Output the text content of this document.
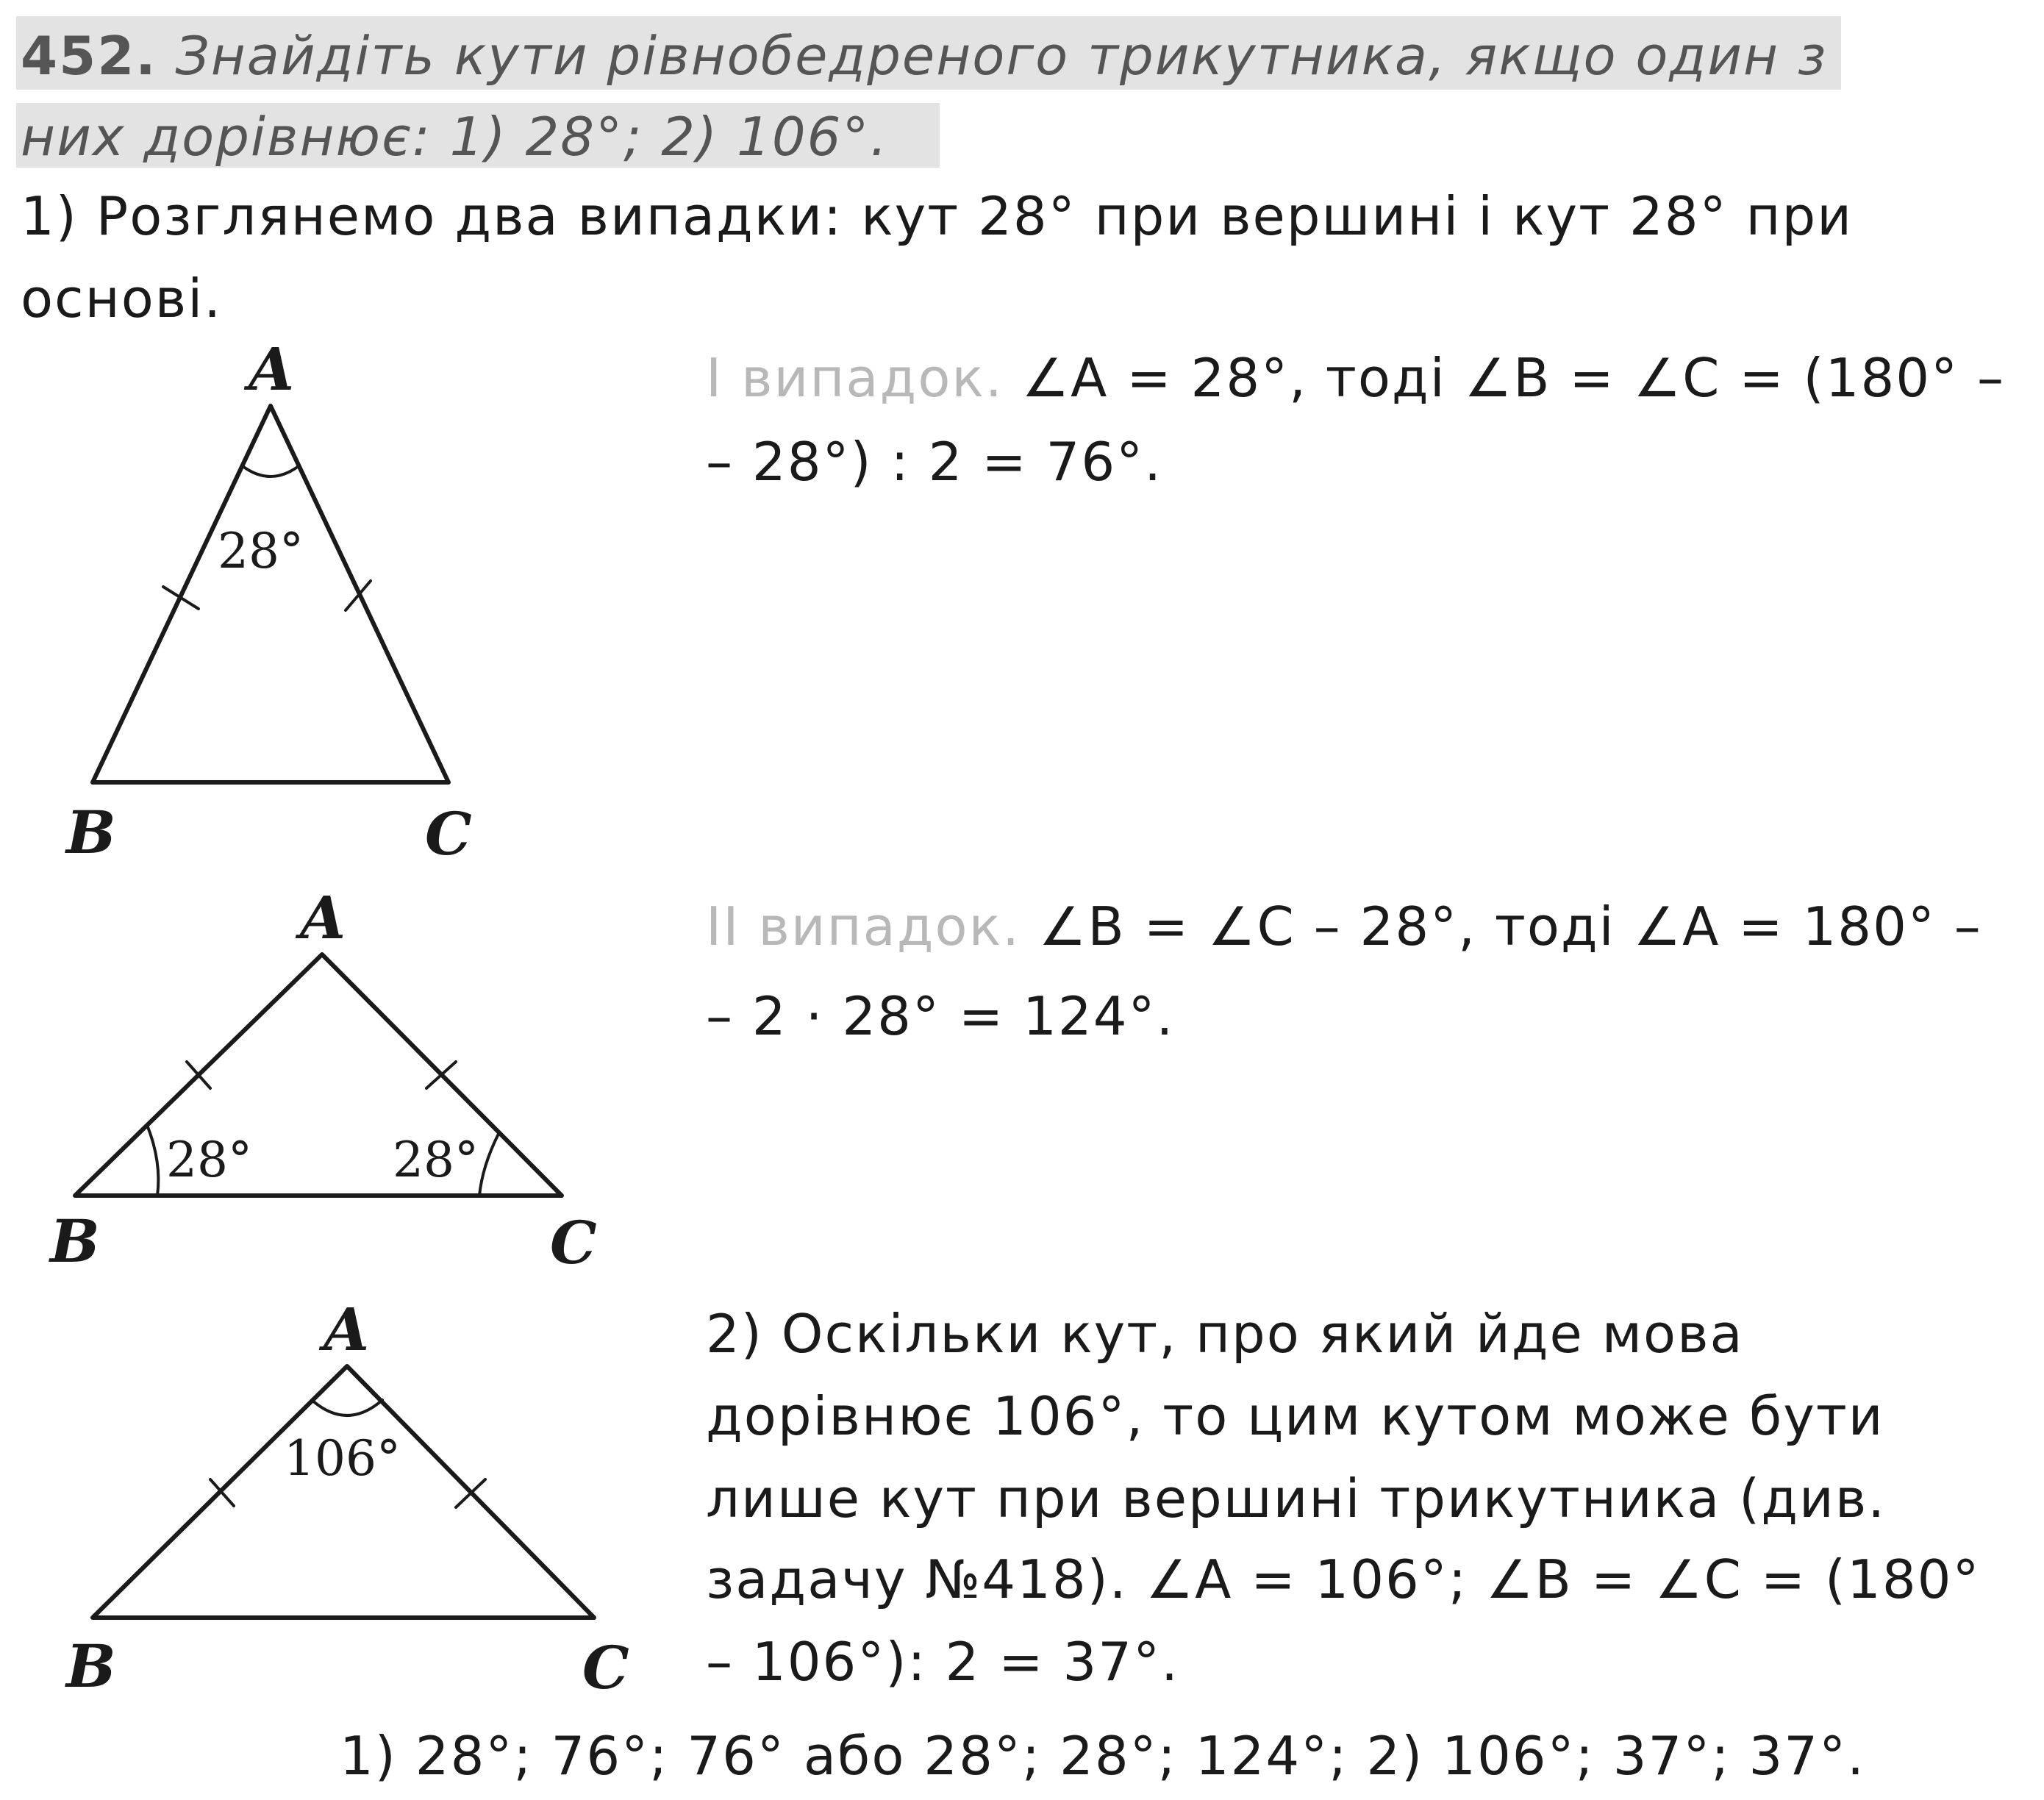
452. Знайдіть кути рівнобедреного трикутника, якщо один з
них дорівнює: 1) 28°; 2) 106°.
1) Розглянемо два випадки: кут 28° при вершині і кут 28° при
основі.
І випадок. ∠A = 28°, тоді ∠B = ∠C = (180° –
– 28°) : 2 = 76°.
ІІ випадок. ∠B = ∠C – 28°, тоді ∠A = 180° –
– 2 · 28° = 124°.
2) Оскільки кут, про який йде мова
дорівнює 106°, то цим кутом може бути
лише кут при вершині трикутника (див.
задачу №418). ∠A = 106°; ∠B = ∠C = (180°
– 106°): 2 = 37°.
1) 28°; 76°; 76° або 28°; 28°; 124°; 2) 106°; 37°; 37°.
A
B	C
28°
A
B	C
28°	28°
A
B	C
106°
